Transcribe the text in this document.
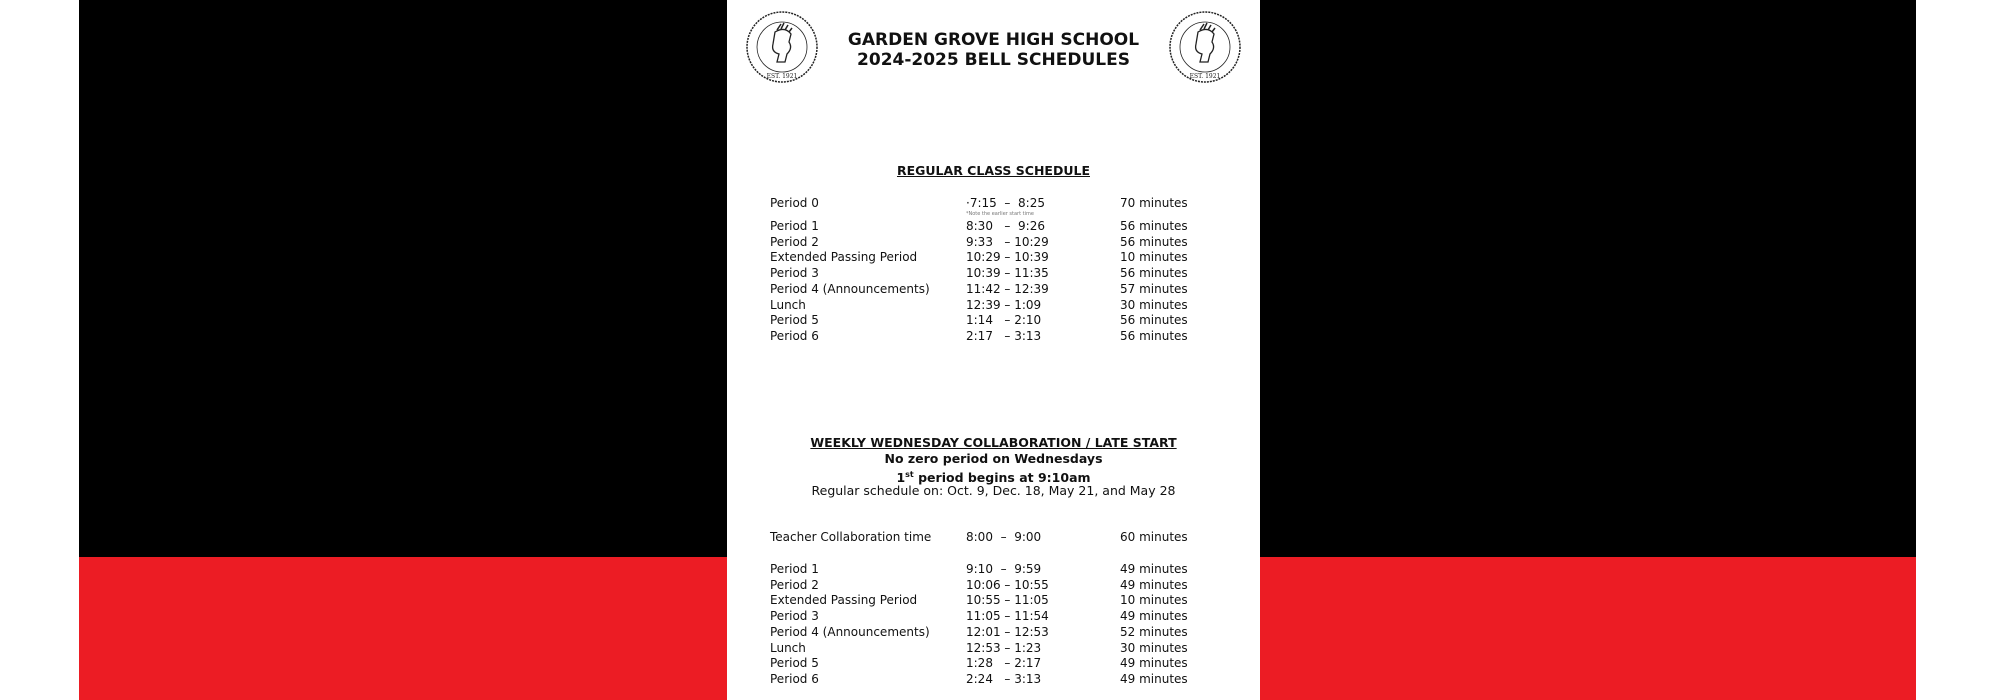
EST. 1921	EST. 1921
GARDEN GROVE HIGH SCHOOL
2024-2025 BELL SCHEDULES
REGULAR CLASS SCHEDULE
Period 0	·7:15  –  8:25	70 minutes
Period 1	8:30   –  9:26	56 minutes
Period 2	9:33   – 10:29	56 minutes
Extended Passing Period	10:29 – 10:39	10 minutes
Period 3	10:39 – 11:35	56 minutes
Period 4 (Announcements)	11:42 – 12:39	57 minutes
Lunch	12:39 – 1:09	30 minutes
Period 5	1:14   – 2:10	56 minutes
Period 6	2:17   – 3:13	56 minutes
*Note the earlier start time
WEEKLY WEDNESDAY COLLABORATION / LATE START
No zero period on Wednesdays
1st period begins at 9:10am
Regular schedule on: Oct. 9, Dec. 18, May 21, and May 28
Teacher Collaboration time	8:00  –  9:00	60 minutes
Period 1	9:10  –  9:59	49 minutes
Period 2	10:06 – 10:55	49 minutes
Extended Passing Period	10:55 – 11:05	10 minutes
Period 3	11:05 – 11:54	49 minutes
Period 4 (Announcements)	12:01 – 12:53	52 minutes
Lunch	12:53 – 1:23	30 minutes
Period 5	1:28   – 2:17	49 minutes
Period 6	2:24   – 3:13	49 minutes
